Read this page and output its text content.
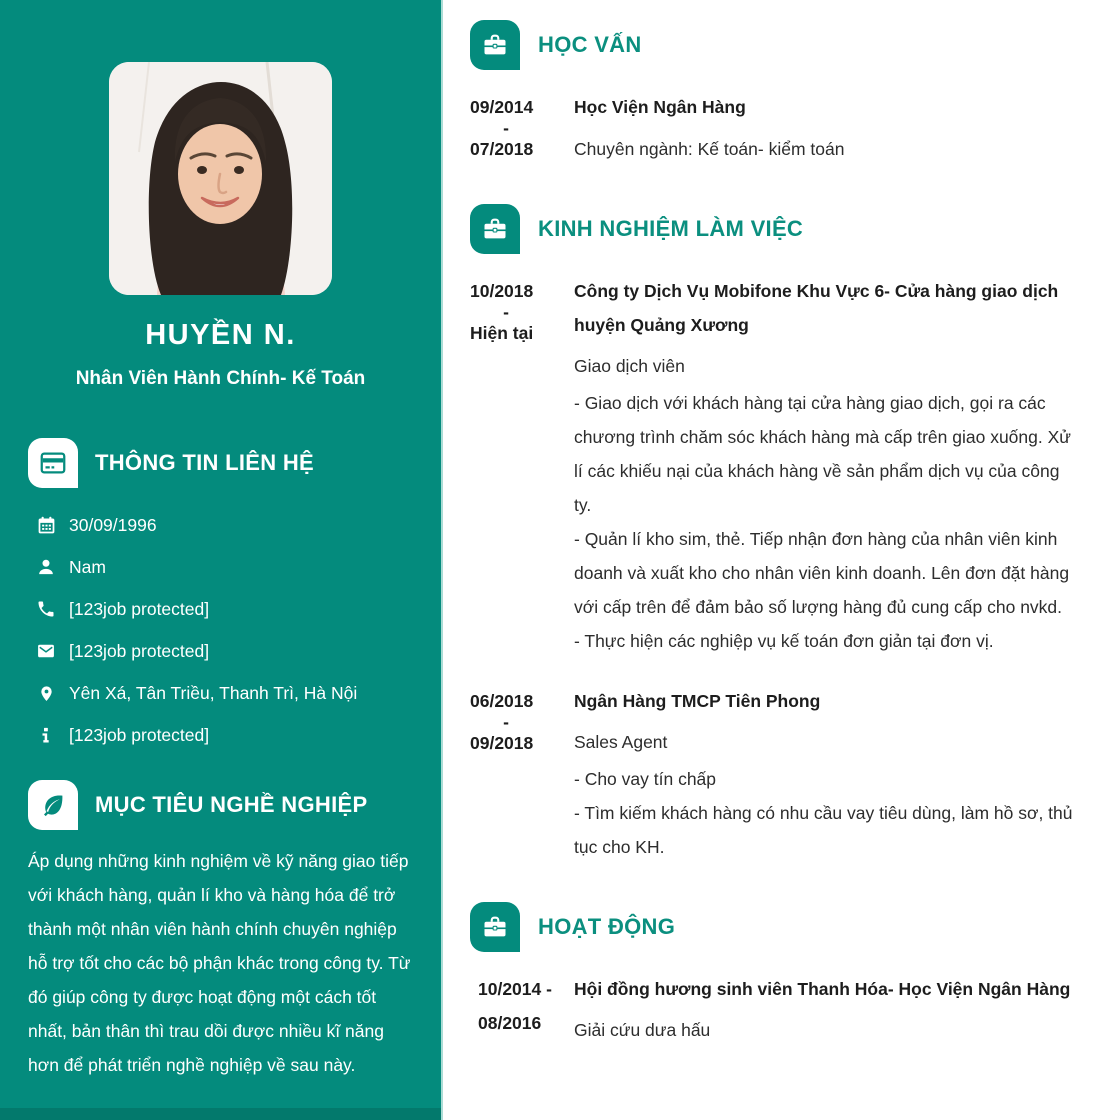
HUYỀN N.
Nhân Viên Hành Chính- Kế Toán
THÔNG TIN LIÊN HỆ
30/09/1996
Nam
[123job protected]
[123job protected]
Yên Xá, Tân Triều, Thanh Trì, Hà Nội
[123job protected]
MỤC TIÊU NGHỀ NGHIỆP

Áp dụng những kinh nghiệm về kỹ năng giao tiếp với khách hàng, quản lí kho và hàng hóa để trở thành một nhân viên hành chính chuyên nghiệp hỗ trợ tốt cho các bộ phận khác trong công ty. Từ đó giúp công ty được hoạt động một cách tốt nhất, bản thân thì trau dồi được nhiều kĩ năng hơn để phát triển nghề nghiệp về sau này.

HỌC VẤN
09/2014
-
07/2018
Học Viện Ngân Hàng
Chuyên ngành: Kế toán- kiểm toán
KINH NGHIỆM LÀM VIỆC
10/2018
-
Hiện tại
Công ty Dịch Vụ Mobifone Khu Vực 6- Cửa hàng giao dịch huyện Quảng Xương
Giao dịch viên

- Giao dịch với khách hàng tại cửa hàng giao dịch, gọi ra các chương trình chăm sóc khách hàng mà cấp trên giao xuống. Xử lí các khiếu nại của khách hàng về sản phẩm dịch vụ của công ty.

- Quản lí kho sim, thẻ. Tiếp nhận đơn hàng của nhân viên kinh doanh và xuất kho cho nhân viên kinh doanh. Lên đơn đặt hàng với cấp trên để đảm bảo số lượng hàng đủ cung cấp cho nvkd.

- Thực hiện các nghiệp vụ kế toán đơn giản tại đơn vị.

06/2018
-
09/2018
Ngân Hàng TMCP Tiên Phong
Sales Agent

- Cho vay tín chấp

- Tìm kiếm khách hàng có nhu cầu vay tiêu dùng, làm hồ sơ, thủ tục cho KH.

HOẠT ĐỘNG
10/2014 -
08/2016
Hội đồng hương sinh viên Thanh Hóa- Học Viện Ngân Hàng
Giải cứu dưa hấu
